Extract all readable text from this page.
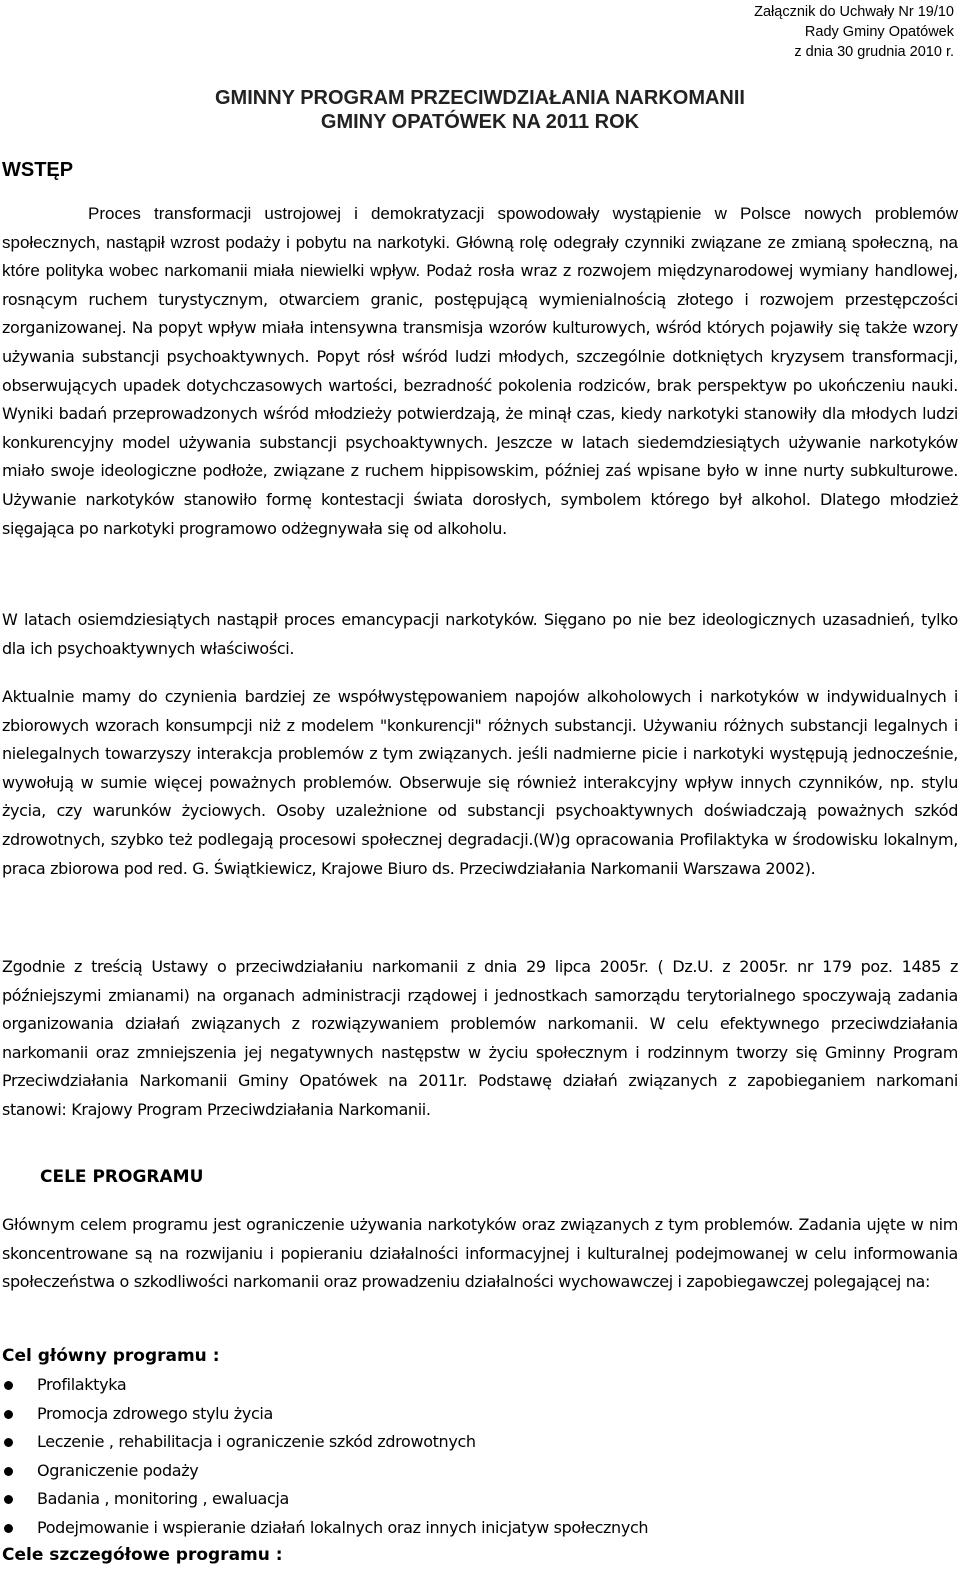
Załącznik do Uchwały Nr 19/10
Rady Gminy Opatówek
z dnia 30 grudnia 2010 r.
GMINNY PROGRAM PRZECIWDZIAŁANIA NARKOMANII
GMINY OPATÓWEK NA 2011 ROK
WSTĘP

Proces transformacji ustrojowej i demokratyzacji spowodowały wystąpienie w Polsce nowych problemów społecznych, nastąpił wzrost podaży i pobytu na narkotyki. Główną rolę odegrały czynniki związane ze zmianą społeczną, na które polityka wobec narkomanii miała niewielki wpływ. Podaż rosła wraz z rozwojem międzynarodowej wymiany handlowej, rosnącym ruchem turystycznym, otwarciem granic, postępującą wymienialnością złotego i rozwojem przestępczości zorganizowanej. Na popyt wpływ miała intensywna transmisja wzorów kulturowych, wśród których pojawiły się także wzory używania substancji psychoaktywnych. Popyt rósł wśród ludzi młodych, szczególnie dotkniętych kryzysem transformacji, obserwujących upadek dotychczasowych wartości, bezradność pokolenia rodziców, brak perspektyw po ukończeniu nauki. Wyniki badań przeprowadzonych wśród młodzieży potwierdzają, że minął czas, kiedy narkotyki stanowiły dla młodych ludzi konkurencyjny model używania substancji psychoaktywnych. Jeszcze w latach siedemdziesiątych używanie narkotyków miało swoje ideologiczne podłoże, związane z ruchem hippisowskim, później zaś wpisane było w inne nurty subkulturowe. Używanie narkotyków stanowiło formę kontestacji świata dorosłych, symbolem którego był alkohol. Dlatego młodzież sięgająca po narkotyki programowo odżegnywała się od alkoholu.

W latach osiemdziesiątych nastąpił proces emancypacji narkotyków. Sięgano po nie bez ideologicznych uzasadnień, tylko dla ich psychoaktywnych właściwości.

Aktualnie mamy do czynienia bardziej ze współwystępowaniem napojów alkoholowych i narkotyków w indywidualnych i zbiorowych wzorach konsumpcji niż z modelem "konkurencji" różnych substancji. Używaniu różnych substancji legalnych i nielegalnych towarzyszy interakcja problemów z tym związanych. jeśli nadmierne picie i narkotyki występują jednocześnie, wywołują w sumie więcej poważnych problemów. Obserwuje się również interakcyjny wpływ innych czynników, np. stylu życia, czy warunków życiowych. Osoby uzależnione od substancji psychoaktywnych doświadczają poważnych szkód zdrowotnych, szybko też podlegają procesowi społecznej degradacji.(W)g opracowania Profilaktyka w środowisku lokalnym, praca zbiorowa pod red. G. Świątkiewicz, Krajowe Biuro ds. Przeciwdziałania Narkomanii Warszawa 2002).

Zgodnie z treścią Ustawy o przeciwdziałaniu narkomanii z dnia 29 lipca 2005r. ( Dz.U. z 2005r. nr 179 poz. 1485 z późniejszymi zmianami) na organach administracji rządowej i jednostkach samorządu terytorialnego spoczywają zadania organizowania działań związanych z rozwiązywaniem problemów narkomanii. W celu efektywnego przeciwdziałania narkomanii oraz zmniejszenia jej negatywnych następstw w życiu społecznym i rodzinnym tworzy się Gminny Program Przeciwdziałania Narkomanii Gminy Opatówek na 2011r. Podstawę działań związanych z zapobieganiem narkomani stanowi: Krajowy Program Przeciwdziałania Narkomanii.

CELE PROGRAMU

Głównym celem programu jest ograniczenie używania narkotyków oraz związanych z tym problemów. Zadania ujęte w nim skoncentrowane są na rozwijaniu i popieraniu działalności informacyjnej i kulturalnej podejmowanej w celu informowania społeczeństwa o szkodliwości narkomanii oraz prowadzeniu działalności wychowawczej i zapobiegawczej polegającej na:

Cel główny programu :
Profilaktyka
Promocja zdrowego stylu życia
Leczenie , rehabilitacja i ograniczenie szkód zdrowotnych
Ograniczenie podaży
Badania , monitoring , ewaluacja
Podejmowanie i wspieranie działań lokalnych oraz innych inicjatyw społecznych
Cele szczegółowe programu :
